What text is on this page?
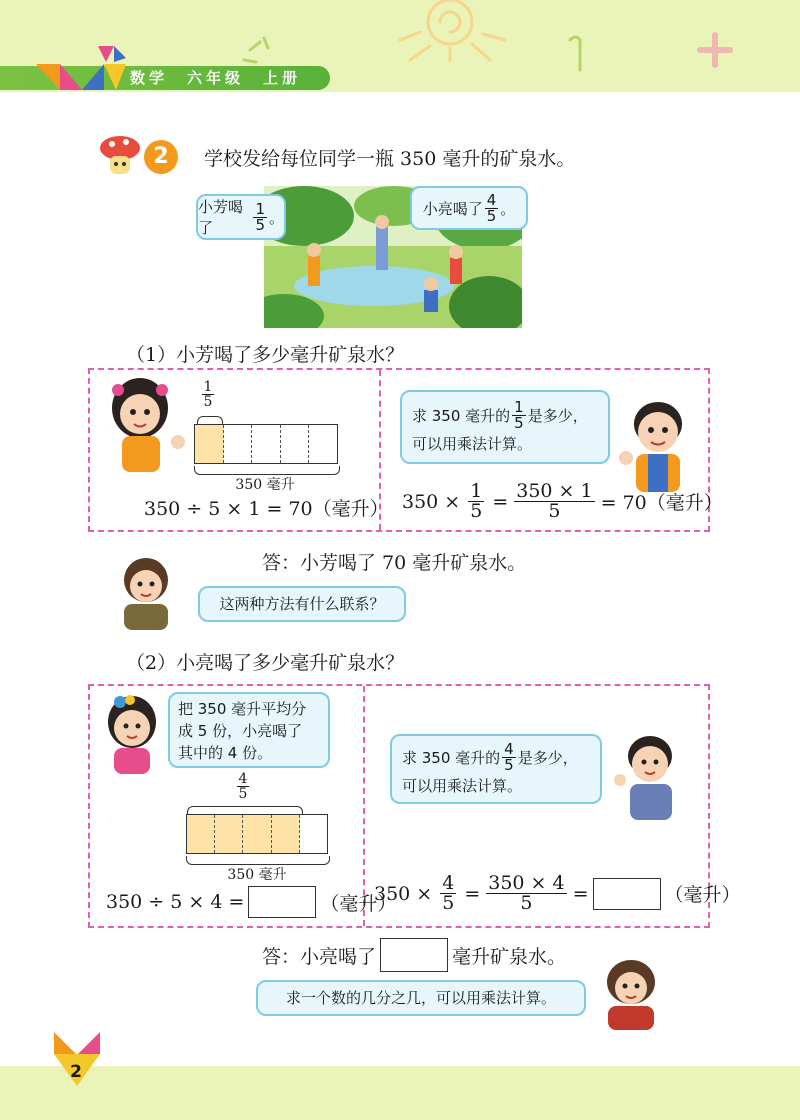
数学　六年级　上册
2	学校发给每位同学一瓶 350 毫升的矿泉水。
小芳喝了	$\frac{1}{5}$ 。	小亮喝了 $\frac{4}{5}$ 。
（1）小芳喝了多少毫升矿泉水？
$\frac{1}{5}$
350 毫升
350 ÷ 5 × 1 = 70（毫升）
求 350 毫升的 $\frac{1}{5}$ 是多少，
可以用乘法计算。
$350 \times \frac{1}{5} = \frac{350 \times 1}{5} = 70$（毫升）
答：小芳喝了 70 毫升矿泉水。
这两种方法有什么联系？
（2）小亮喝了多少毫升矿泉水？
把 350 毫升平均分
成 5 份，小亮喝了
其中的 4 份。
$\frac{4}{5}$
350 毫升
350 ÷ 5 × 4 =	（毫升）
求 350 毫升的 $\frac{4}{5}$ 是多少，
可以用乘法计算。
$350 \times \frac{4}{5} = \frac{350 \times 4}{5}$ =	（毫升）
答：小亮喝了	毫升矿泉水。
求一个数的几分之几，可以用乘法计算。
2
